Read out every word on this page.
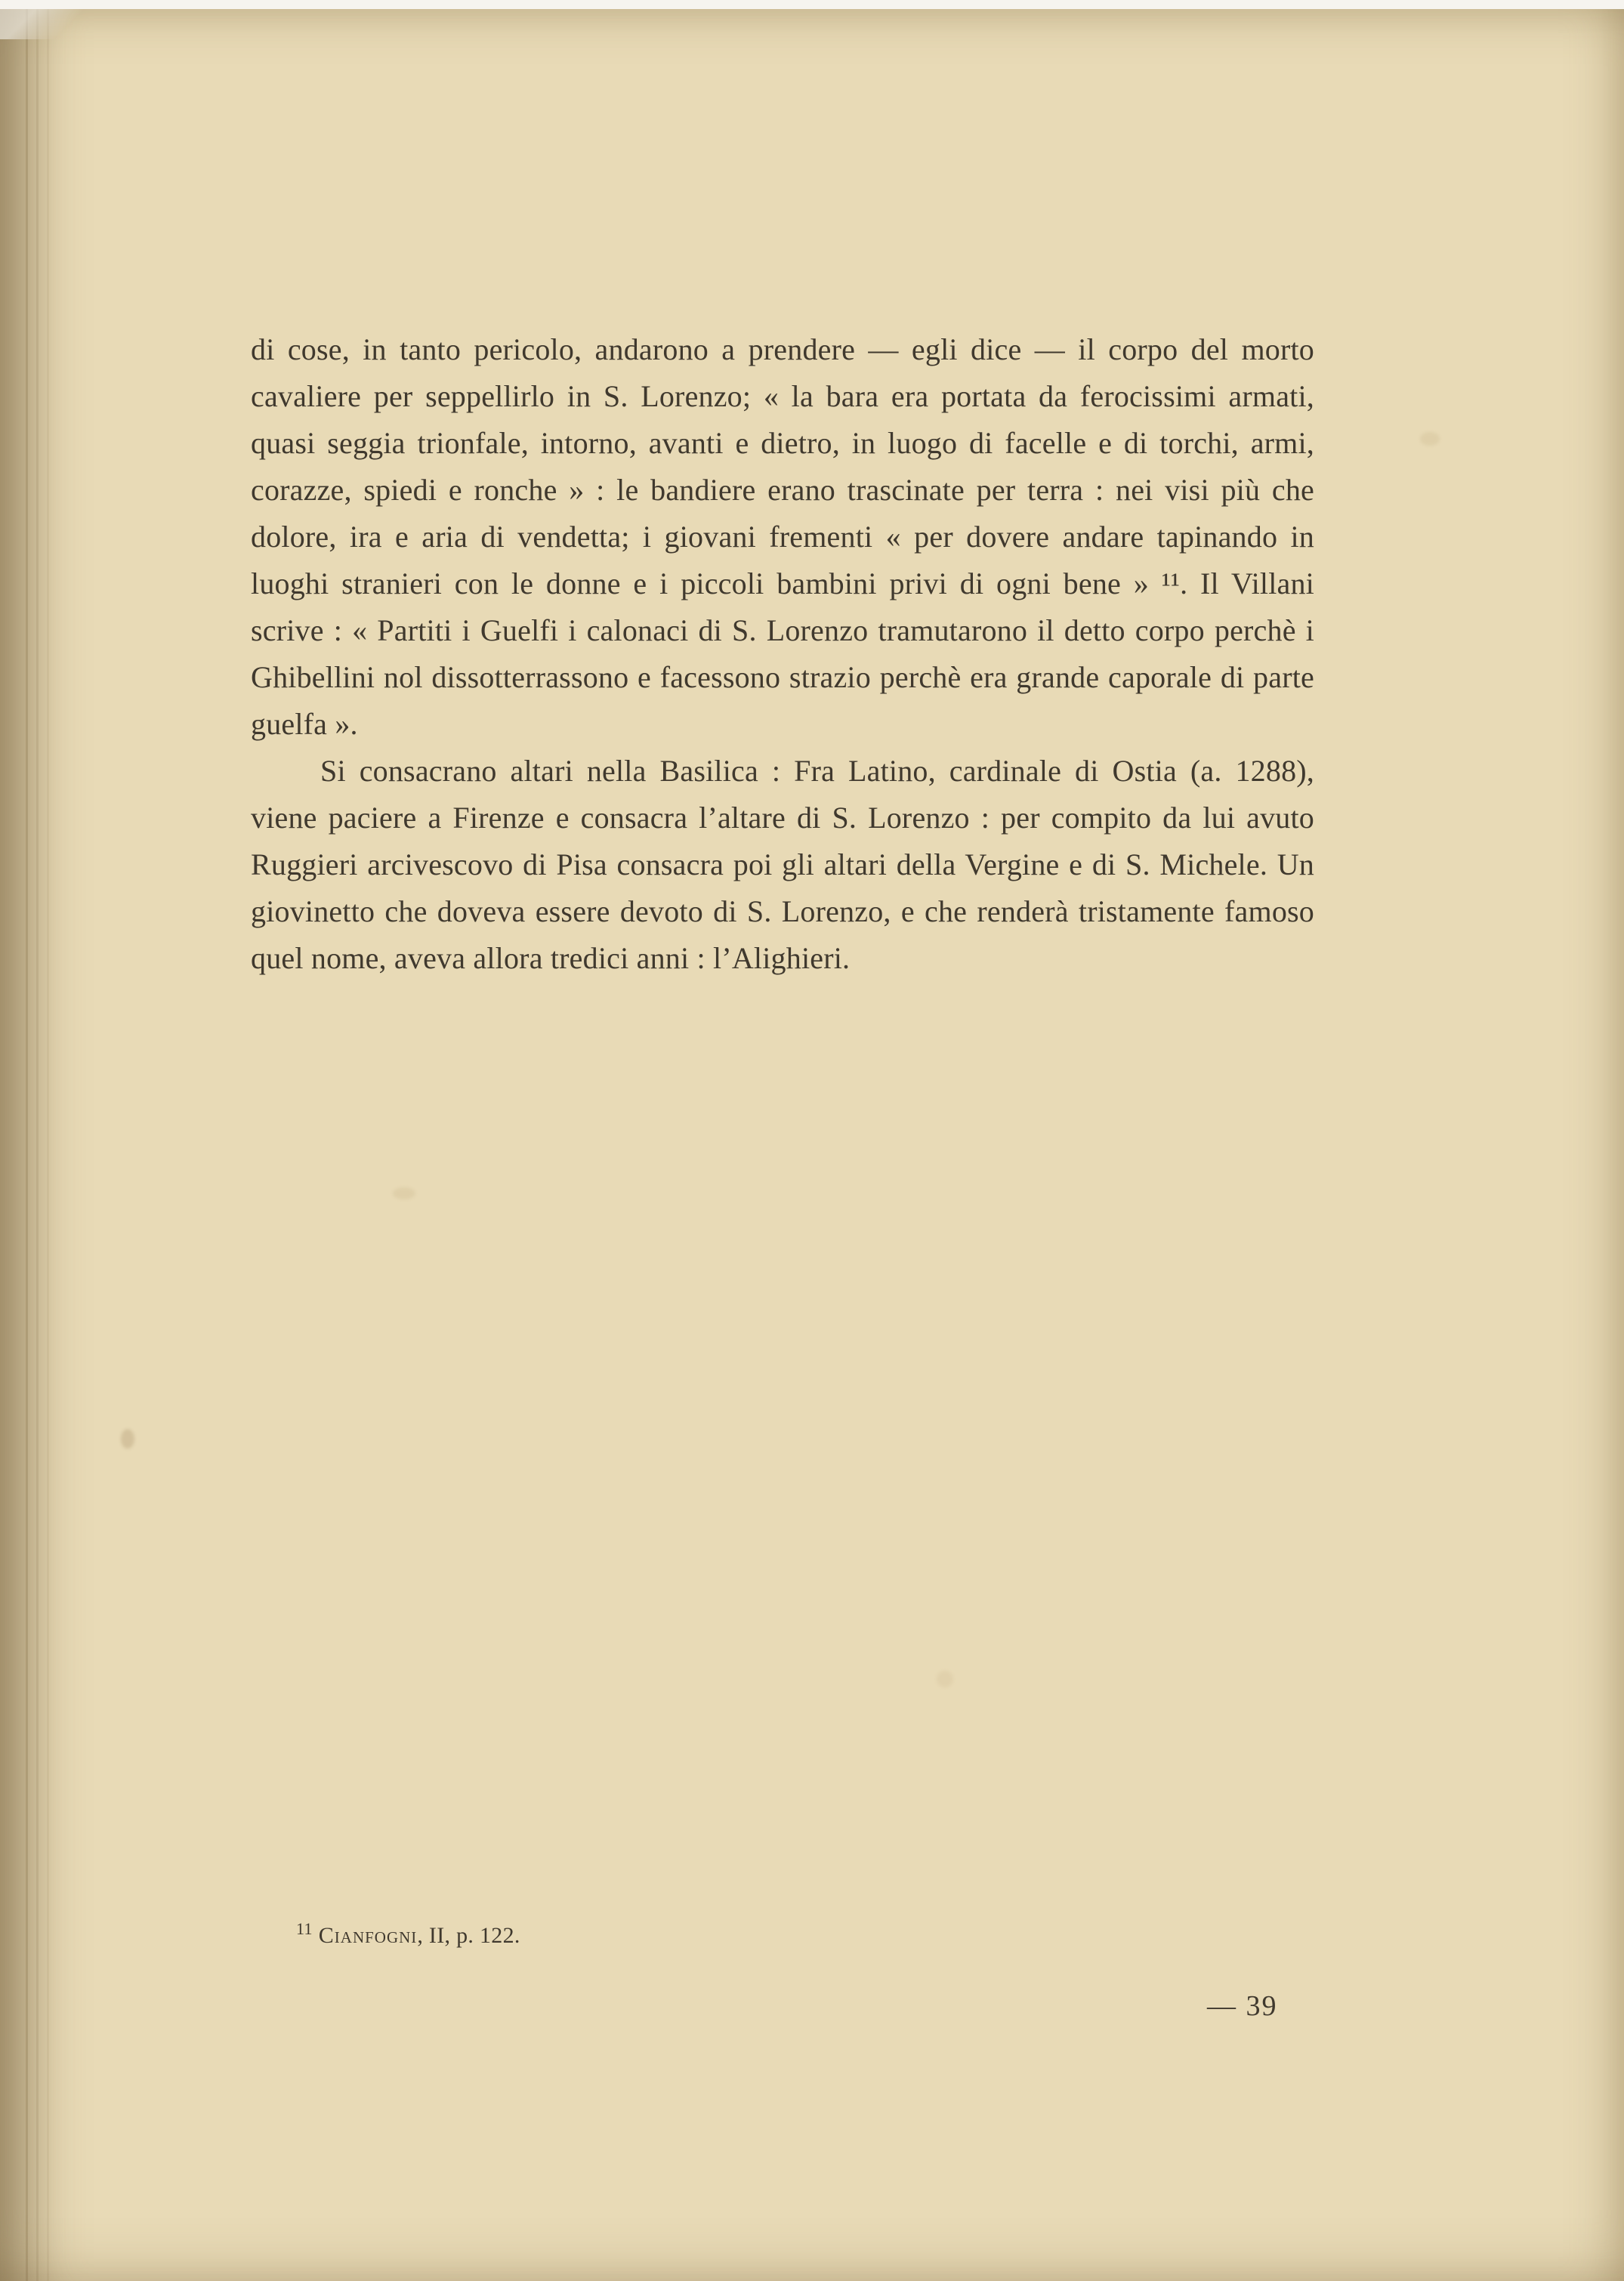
di cose, in tanto pericolo, andarono a prendere — egli dice — il corpo del morto cavaliere per seppellirlo in S. Lorenzo; « la bara era portata da ferocissimi armati, quasi seggia trionfale, intorno, avanti e dietro, in luogo di facelle e di torchi, armi, corazze, spiedi e ronche » : le bandiere erano trascinate per terra : nei visi più che dolore, ira e aria di vendetta; i giovani frementi « per dovere andare tapinando in luoghi stranieri con le donne e i piccoli bambini privi di ogni bene » ¹¹. Il Villani scrive : « Partiti i Guelfi i calonaci di S. Lorenzo tramutarono il detto corpo perchè i Ghibellini nol dissotterrassono e facessono strazio perchè era grande caporale di parte guelfa ».

Si consacrano altari nella Basilica : Fra Latino, cardinale di Ostia (a. 1288), viene paciere a Firenze e consacra l’altare di S. Lorenzo : per compito da lui avuto Ruggieri arcivescovo di Pisa consacra poi gli altari della Vergine e di S. Michele. Un giovinetto che doveva essere devoto di S. Lorenzo, e che renderà tristamente famoso quel nome, aveva allora tredici anni : l’Alighieri.

$^{11}$ Cianfogni, II, p. 122.
— 39
